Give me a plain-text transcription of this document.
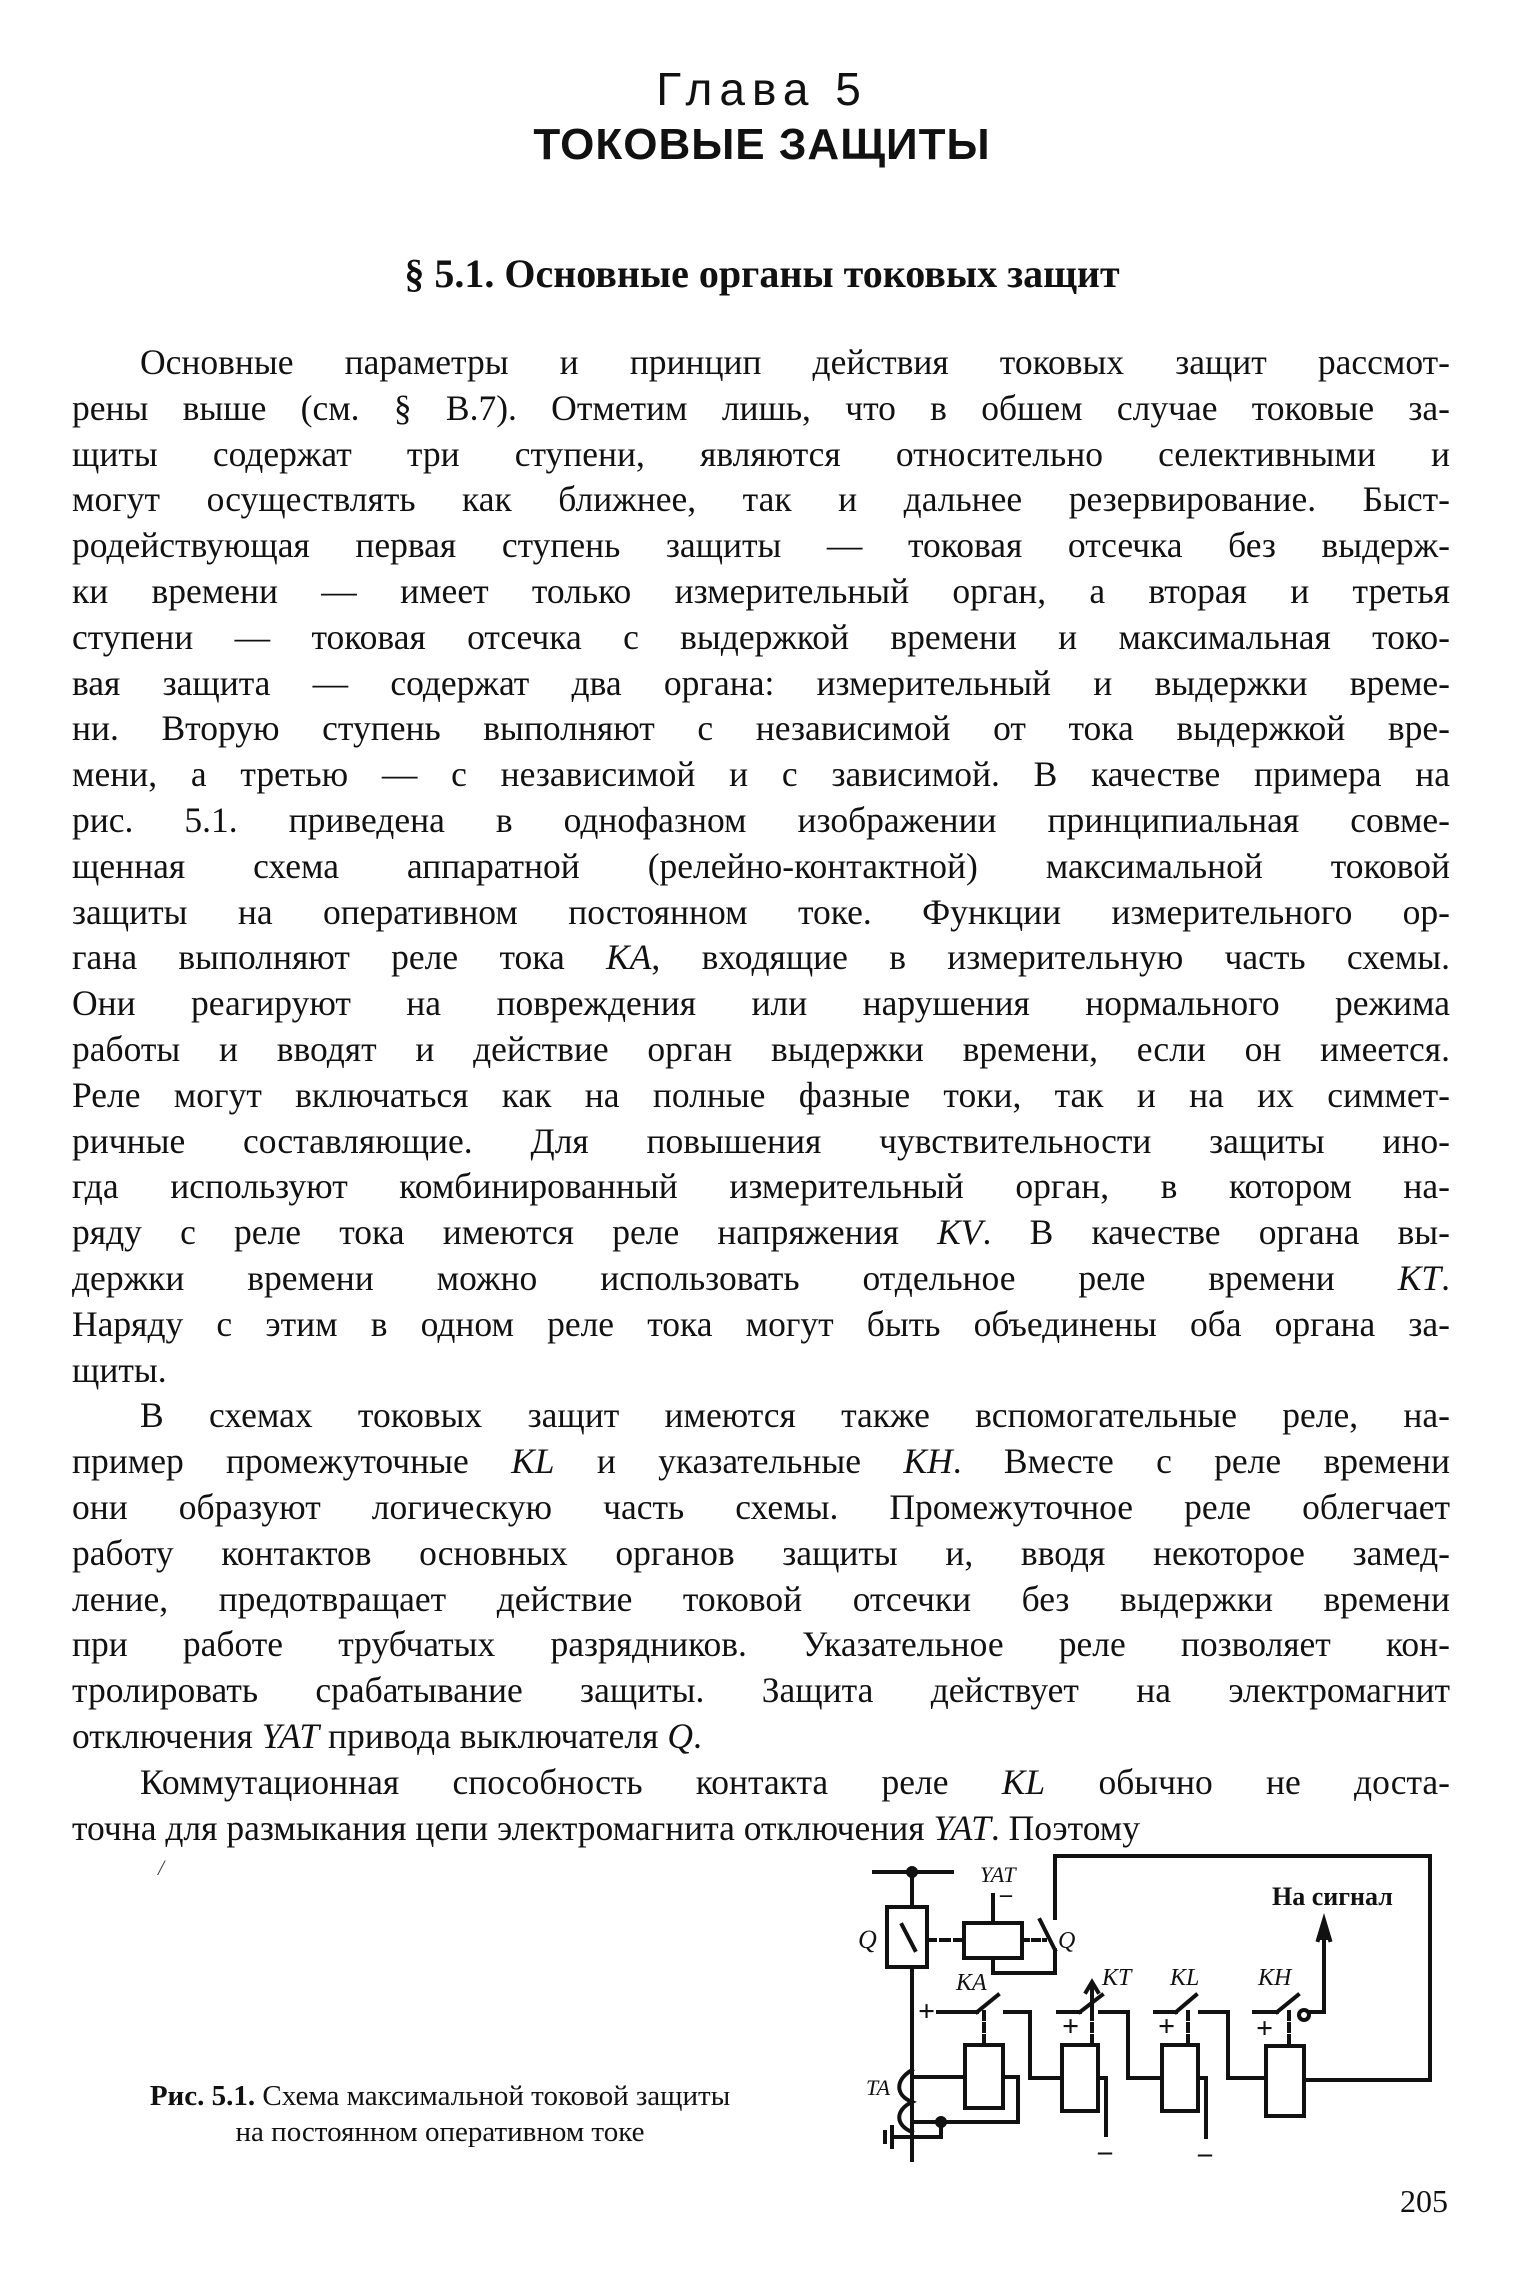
Глава 5
ТОКОВЫЕ ЗАЩИТЫ
§ 5.1. Основные органы токовых защит
Основные параметры и принцип действия токовых защит рассмот-
рены выше (см. § В.7). Отметим лишь, что в обшем случае токовые за-
щиты содержат три ступени, являются относительно селективными и
могут осуществлять как ближнее, так и дальнее резервирование. Быст-
родействующая первая ступень защиты — токовая отсечка без выдерж-
ки времени — имеет только измерительный орган, а вторая и третья
ступени — токовая отсечка с выдержкой времени и максимальная токо-
вая защита — содержат два органа: измерительный и выдержки време-
ни. Вторую ступень выполняют с независимой от тока выдержкой вре-
мени, а третью — с независимой и с зависимой. В качестве примера на
рис. 5.1. приведена в однофазном изображении принципиальная совме-
щенная схема аппаратной (релейно-контактной) максимальной токовой
защиты на оперативном постоянном токе. Функции измерительного ор-
гана выполняют реле тока KA, входящие в измерительную часть схемы.
Они реагируют на повреждения или нарушения нормального режима
работы и вводят и действие орган выдержки времени, если он имеется.
Реле могут включаться как на полные фазные токи, так и на их симмет-
ричные составляющие. Для повышения чувствительности защиты ино-
гда используют комбинированный измерительный орган, в котором на-
ряду с реле тока имеются реле напряжения KV. В качестве органа вы-
держки времени можно использовать отдельное реле времени KT.
Наряду с этим в одном реле тока могут быть объединены оба органа за-
щиты.
В схемах токовых защит имеются также вспомогательные реле, на-
пример промежуточные KL и указательные KH. Вместе с реле времени
они образуют логическую часть схемы. Промежуточное реле облегчает
работу контактов основных органов защиты и, вводя некоторое замед-
ление, предотвращает действие токовой отсечки без выдержки времени
при работе трубчатых разрядников. Указательное реле позволяет кон-
тролировать срабатывание защиты. Защита действует на электромагнит
отключения YAT привода выключателя Q.
Коммутационная способность контакта реле KL обычно не доста-
точна для размыкания цепи электромагнита отключения YAT. Поэтому
/
Q
YAT
Q
KA	KT KL KH
TA
На сигнал
–
+	+	+	+
–	–
Рис. 5.1. Схема максимальной токовой защиты
на постоянном оперативном токе
205
